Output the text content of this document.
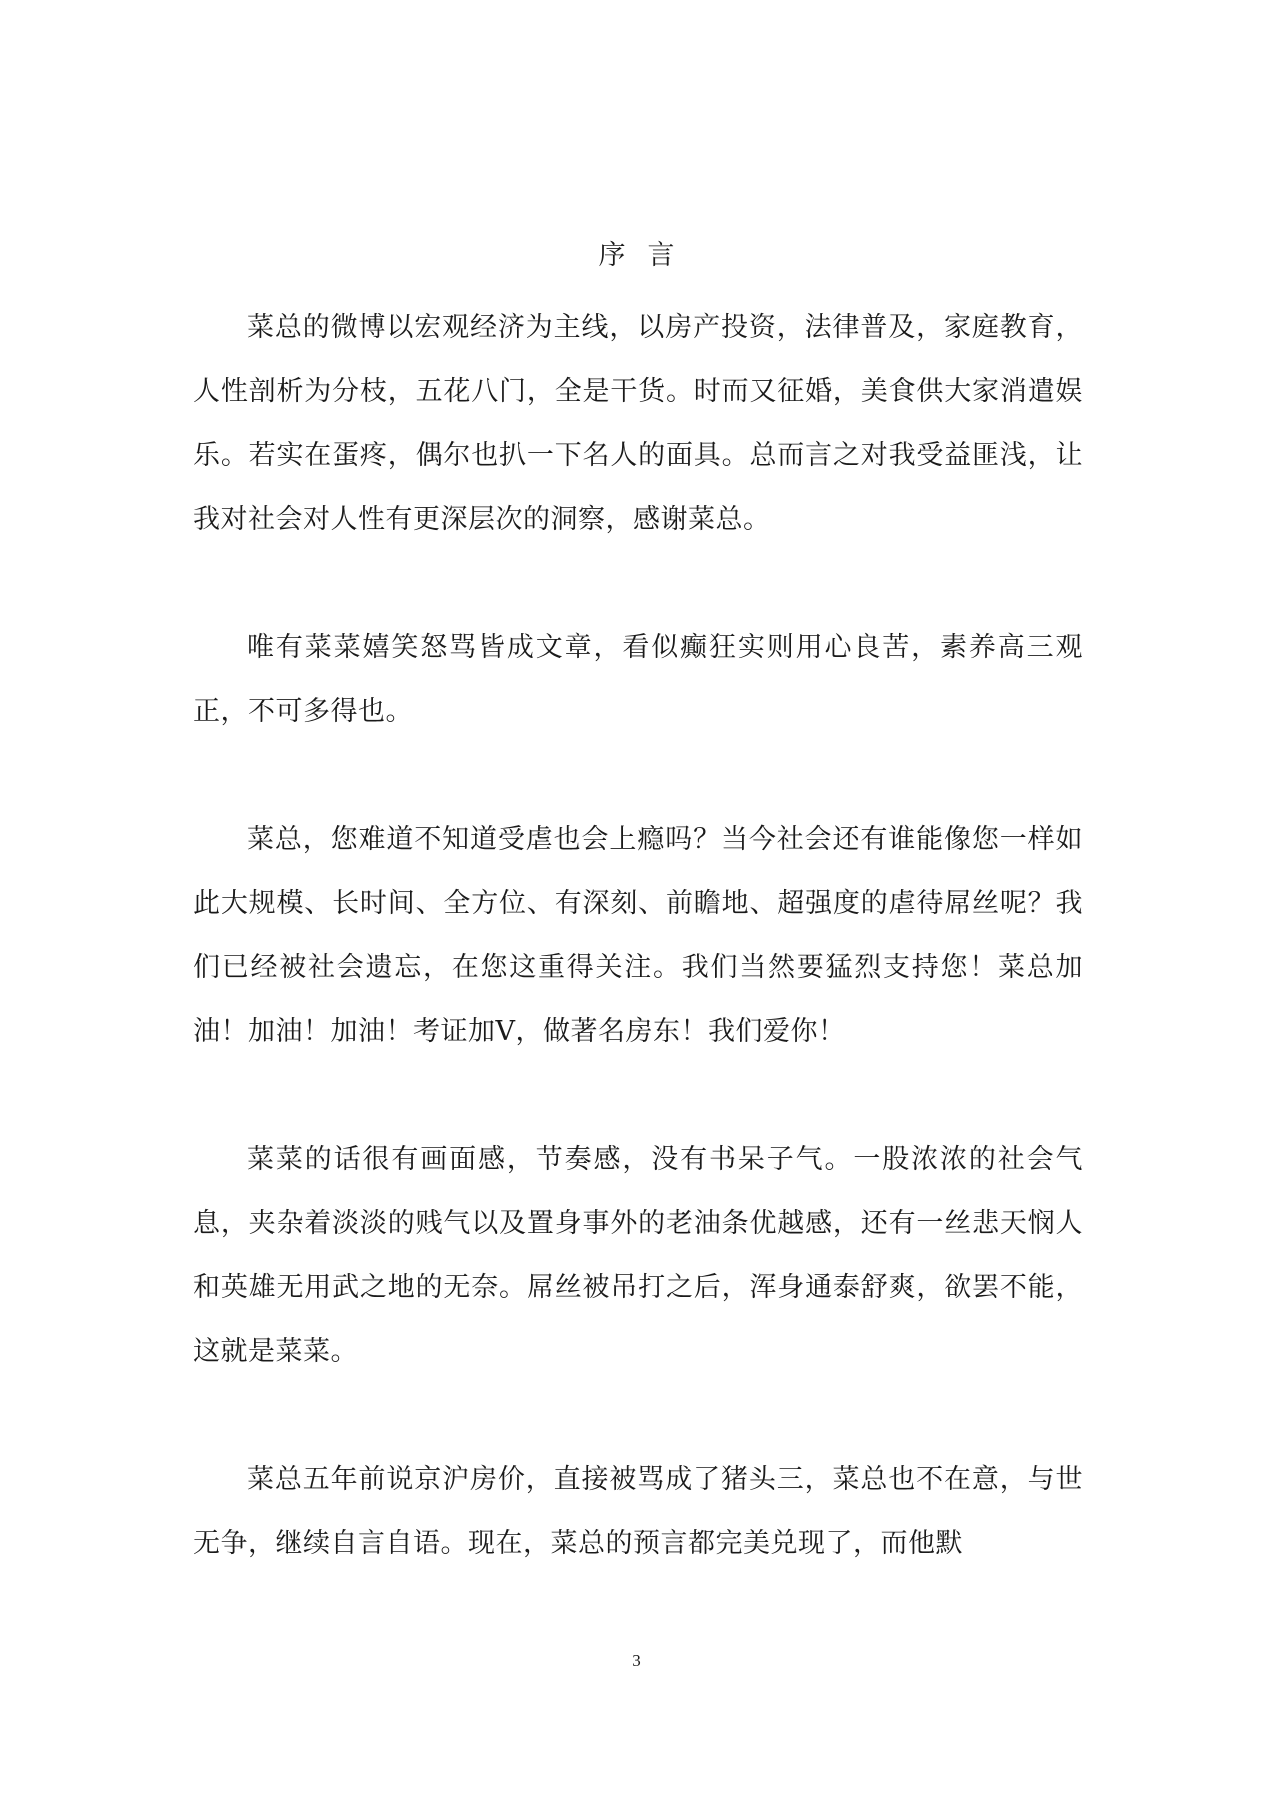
序言

菜总的微博以宏观经济为主线，以房产投资，法律普及，家庭教育，人性剖析为分枝，五花八门，全是干货。时而又征婚，美食供大家消遣娱乐。若实在蛋疼，偶尔也扒一下名人的面具。总而言之对我受益匪浅，让我对社会对人性有更深层次的洞察，感谢菜总。

唯有菜菜嬉笑怒骂皆成文章，看似癫狂实则用心良苦，素养高三观正，不可多得也。

菜总，您难道不知道受虐也会上瘾吗？当今社会还有谁能像您一样如此大规模、长时间、全方位、有深刻、前瞻地、超强度的虐待屌丝呢？我们已经被社会遗忘，在您这重得关注。我们当然要猛烈支持您！菜总加油！加油！加油！考证加V，做著名房东！我们爱你！

菜菜的话很有画面感，节奏感，没有书呆子气。一股浓浓的社会气息，夹杂着淡淡的贱气以及置身事外的老油条优越感，还有一丝悲天悯人和英雄无用武之地的无奈。屌丝被吊打之后，浑身通泰舒爽，欲罢不能，这就是菜菜。

菜总五年前说京沪房价，直接被骂成了猪头三，菜总也不在意，与世无争，继续自言自语。现在，菜总的预言都完美兑现了，而他默

3
